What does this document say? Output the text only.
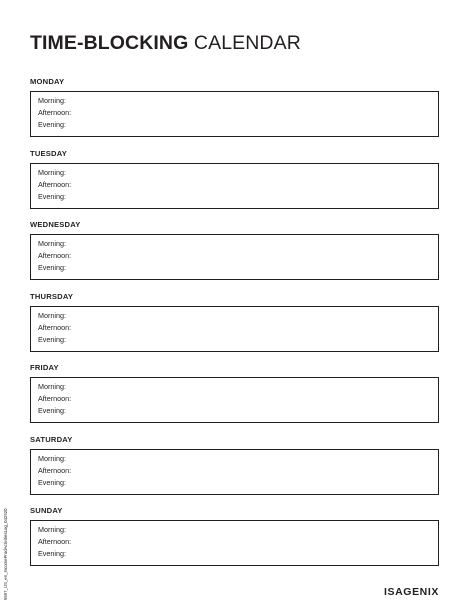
TIME-BLOCKING CALENDAR
MONDAY
Morning:
Afternoon:
Evening:
TUESDAY
Morning:
Afternoon:
Evening:
WEDNESDAY
Morning:
Afternoon:
Evening:
THURSDAY
Morning:
Afternoon:
Evening:
FRIDAY
Morning:
Afternoon:
Evening:
SATURDAY
Morning:
Afternoon:
Evening:
SUNDAY
Morning:
Afternoon:
Evening:
5597_US_en_IncomeProdActivitiesLog_042920	ISAGENIX
